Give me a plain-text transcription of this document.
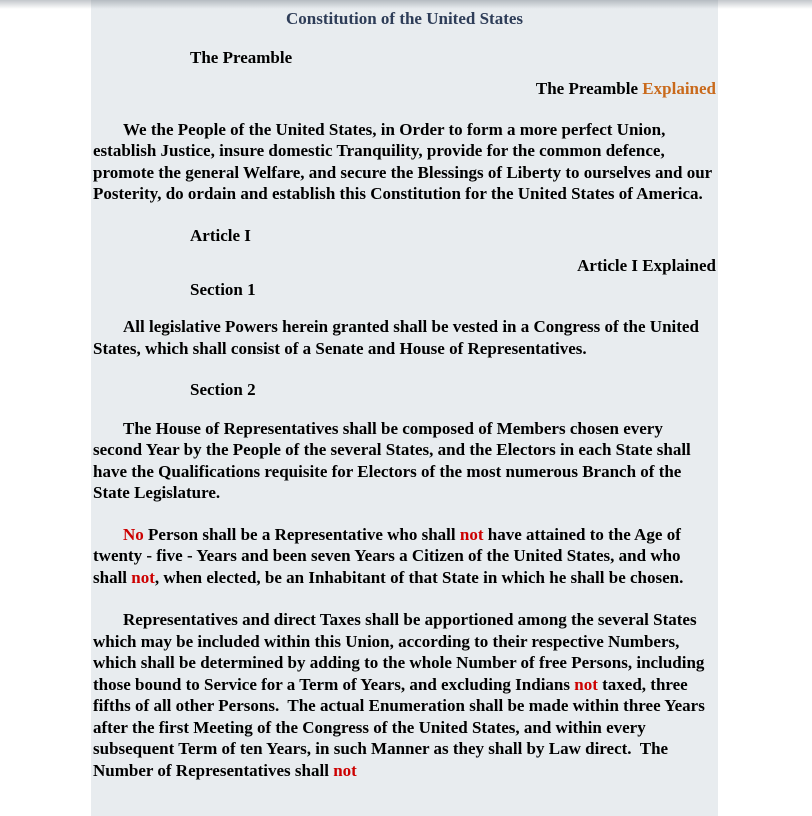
Constitution of the United States
The Preamble
The Preamble Explained

We the People of the United States, in Order to form a more perfect Union, establish Justice, insure domestic Tranquility, provide for the common defence, promote the general Welfare, and secure the Blessings of Liberty to ourselves and our Posterity, do ordain and establish this Constitution for the United States of America.

Article I
Article I Explained
Section 1

All legislative Powers herein granted shall be vested in a Congress of the United States, which shall consist of a Senate and House of Representatives.

Section 2

The House of Representatives shall be composed of Members chosen every second Year by the People of the several States, and the Electors in each State shall have the Qualifications requisite for Electors of the most numerous Branch of the State Legislature.

No Person shall be a Representative who shall not have attained to the Age of twenty - five - Years and been seven Years a Citizen of the United States, and who shall not, when elected, be an Inhabitant of that State in which he shall be chosen.

Representatives and direct Taxes shall be apportioned among the several States which may be included within this Union, according to their respective Numbers, which shall be determined by adding to the whole Number of free Persons, including those bound to Service for a Term of Years, and excluding Indians not taxed, three fifths of all other Persons.  The actual Enumeration shall be made within three Years after the first Meeting of the Congress of the United States, and within every subsequent Term of ten Years, in such Manner as they shall by Law direct.  The Number of Representatives shall not
